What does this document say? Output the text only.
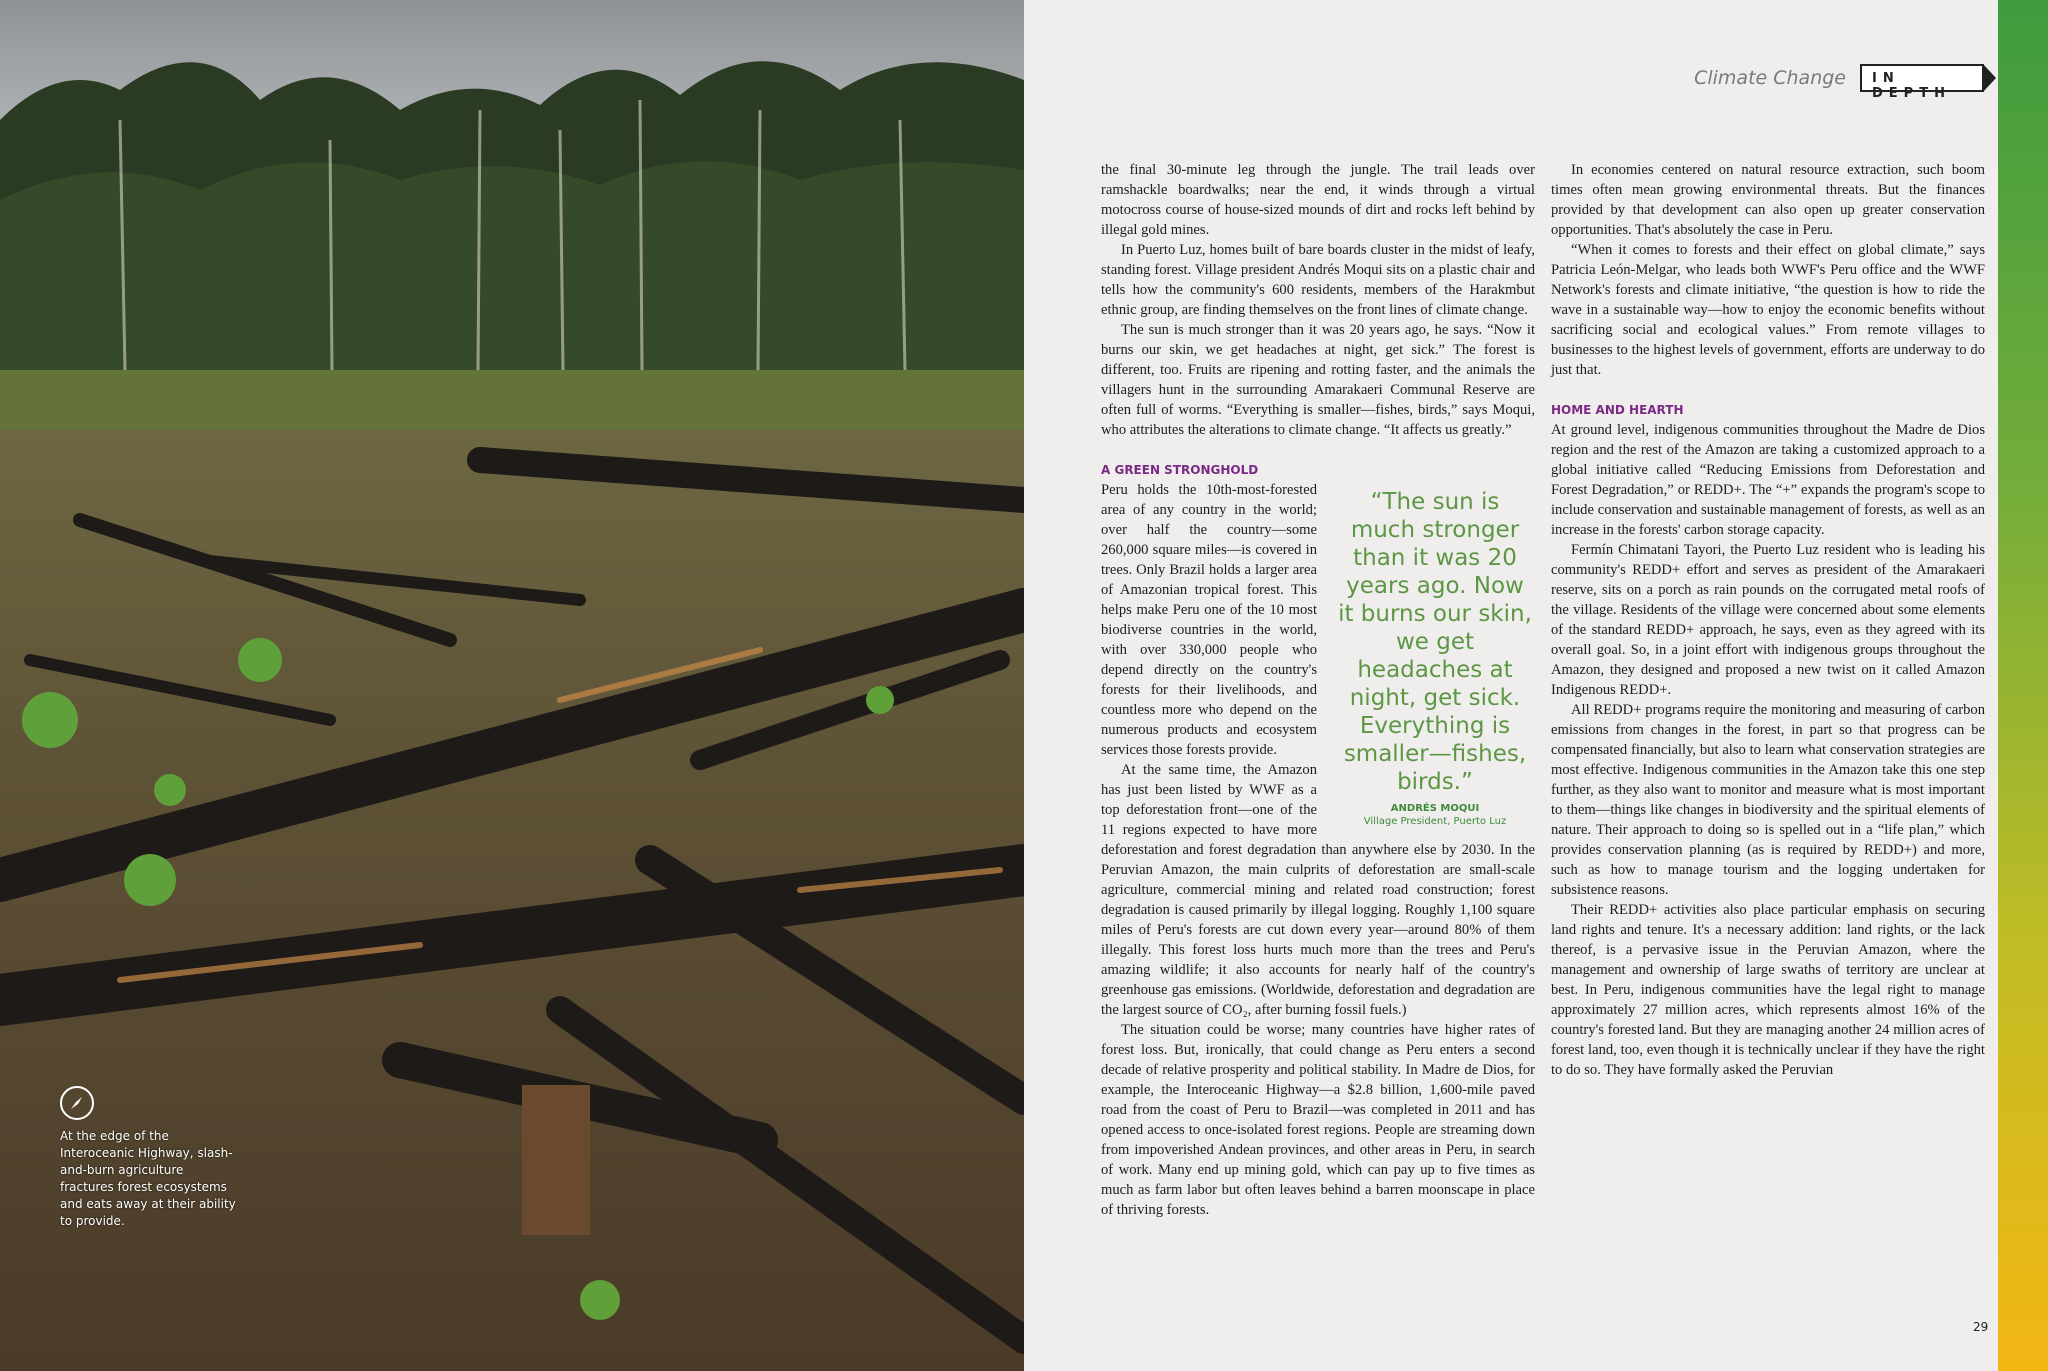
At the edge of the Interoceanic Highway, slash-and-burn agriculture fractures forest ecosystems and eats away at their ability to provide.
Climate Change	IN DEPTH

the final 30-minute leg through the jungle. The trail leads over ramshackle boardwalks; near the end, it winds through a virtual motocross course of house-sized mounds of dirt and rocks left behind by illegal gold mines.

In Puerto Luz, homes built of bare boards cluster in the midst of leafy, standing forest. Village president Andrés Moqui sits on a plastic chair and tells how the community's 600 residents, members of the Harakmbut ethnic group, are finding themselves on the front lines of climate change.

The sun is much stronger than it was 20 years ago, he says. “Now it burns our skin, we get headaches at night, get sick.” The forest is different, too. Fruits are ripening and rotting faster, and the animals the villagers hunt in the surrounding Amarakaeri Communal Reserve are often full of worms. “Everything is smaller—fishes, birds,” says Moqui, who attributes the alterations to climate change. “It affects us greatly.”

A GREEN STRONGHOLD
“The sun is much stronger than it was 20 years ago. Now it burns our skin, we get headaches at night, get sick. Everything is smaller—fishes, birds.”
ANDRÉS MOQUI
Village President, Puerto Luz

Peru holds the 10th-most-forested area of any country in the world; over half the country—some 260,000 square miles—is covered in trees. Only Brazil holds a larger area of Amazonian tropical forest. This helps make Peru one of the 10 most biodiverse countries in the world, with over 330,000 people who depend directly on the country's forests for their livelihoods, and countless more who depend on the numerous products and ecosystem services those forests provide.

At the same time, the Amazon has just been listed by WWF as a top deforestation front—one of the 11 regions expected to have more deforestation and forest degradation than anywhere else by 2030. In the Peruvian Amazon, the main culprits of deforestation are small-scale agriculture, commercial mining and related road construction; forest degradation is caused primarily by illegal logging. Roughly 1,100 square miles of Peru's forests are cut down every year—around 80% of them illegally. This forest loss hurts much more than the trees and Peru's amazing wildlife; it also accounts for nearly half of the country's greenhouse gas emissions. (Worldwide, deforestation and degradation are the largest source of CO₂, after burning fossil fuels.)

The situation could be worse; many countries have higher rates of forest loss. But, ironically, that could change as Peru enters a second decade of relative prosperity and political stability. In Madre de Dios, for example, the Interoceanic Highway—a $2.8 billion, 1,600-mile paved road from the coast of Peru to Brazil—was completed in 2011 and has opened access to once-isolated forest regions. People are streaming down from impoverished Andean provinces, and other areas in Peru, in search of work. Many end up mining gold, which can pay up to five times as much as farm labor but often leaves behind a barren moonscape in place of thriving forests.

In economies centered on natural resource extraction, such boom times often mean growing environmental threats. But the finances provided by that development can also open up greater conservation opportunities. That's absolutely the case in Peru.

“When it comes to forests and their effect on global climate,” says Patricia León-Melgar, who leads both WWF's Peru office and the WWF Network's forests and climate initiative, “the question is how to ride the wave in a sustainable way—how to enjoy the economic benefits without sacrificing social and ecological values.” From remote villages to businesses to the highest levels of government, efforts are underway to do just that.

HOME AND HEARTH

At ground level, indigenous communities throughout the Madre de Dios region and the rest of the Amazon are taking a customized approach to a global initiative called “Reducing Emissions from Deforestation and Forest Degradation,” or REDD+. The “+” expands the program's scope to include conservation and sustainable management of forests, as well as an increase in the forests' carbon storage capacity.

Fermín Chimatani Tayori, the Puerto Luz resident who is leading his community's REDD+ effort and serves as president of the Amarakaeri reserve, sits on a porch as rain pounds on the corrugated metal roofs of the village. Residents of the village were concerned about some elements of the standard REDD+ approach, he says, even as they agreed with its overall goal. So, in a joint effort with indigenous groups throughout the Amazon, they designed and proposed a new twist on it called Amazon Indigenous REDD+.

All REDD+ programs require the monitoring and measuring of carbon emissions from changes in the forest, in part so that progress can be compensated financially, but also to learn what conservation strategies are most effective. Indigenous communities in the Amazon take this one step further, as they also want to monitor and measure what is most important to them—things like changes in biodiversity and the spiritual elements of nature. Their approach to doing so is spelled out in a “life plan,” which provides conservation planning (as is required by REDD+) and more, such as how to manage tourism and the logging undertaken for subsistence reasons.

Their REDD+ activities also place particular emphasis on securing land rights and tenure. It's a necessary addition: land rights, or the lack thereof, is a pervasive issue in the Peruvian Amazon, where the management and ownership of large swaths of territory are unclear at best. In Peru, indigenous communities have the legal right to manage approximately 27 million acres, which represents almost 16% of the country's forested land. But they are managing another 24 million acres of forest land, too, even though it is technically unclear if they have the right to do so. They have formally asked the Peruvian

29
